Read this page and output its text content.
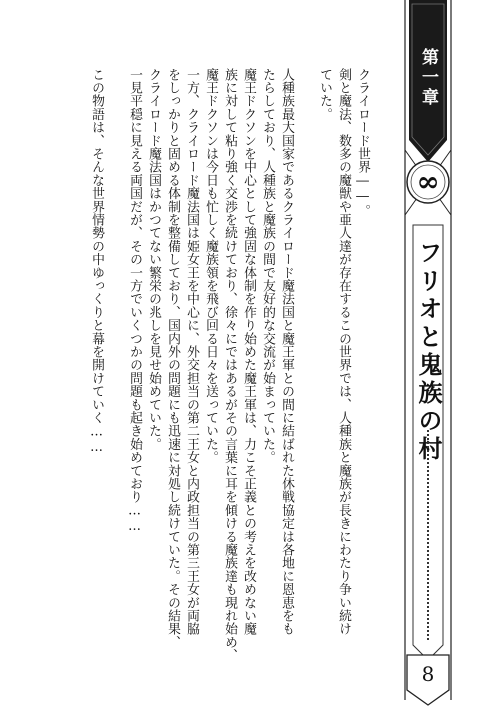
クライロード世界――。

剣と魔法、数多の魔獣や亜人達が存在するこの世界では、人種族と魔族が長きにわたり争い続け

ていた。

人種族最大国家であるクライロード魔法国と魔王軍との間に結ばれた休戦協定は各地に恩恵をも

たらしており、人種族と魔族の間で友好的な交流が始まっていた。

魔王ドクソンを中心として強固な体制を作り始めた魔王軍は、力こそ正義との考えを改めない魔

族に対して粘り強く交渉を続けており、徐々にではあるがその言葉に耳を傾ける魔族達も現れ始め、

魔王ドクソンは今日も忙しく魔族領を飛び回る日々を送っていた。

一方、クライロード魔法国は姫女王を中心に、外交担当の第二王女と内政担当の第三王女が両脇

をしっかりと固める体制を整備しており、国内外の問題にも迅速に対処し続けていた。その結果、

クライロード魔法国はかつてない繁栄の兆しを見せ始めていた。

一見平穏に見える両国だが、その一方でいくつかの問題も起き始めており……

この物語は、そんな世界情勢の中ゆっくりと幕を開けていく……	第一章
∞
フリオと鬼族の村
8
